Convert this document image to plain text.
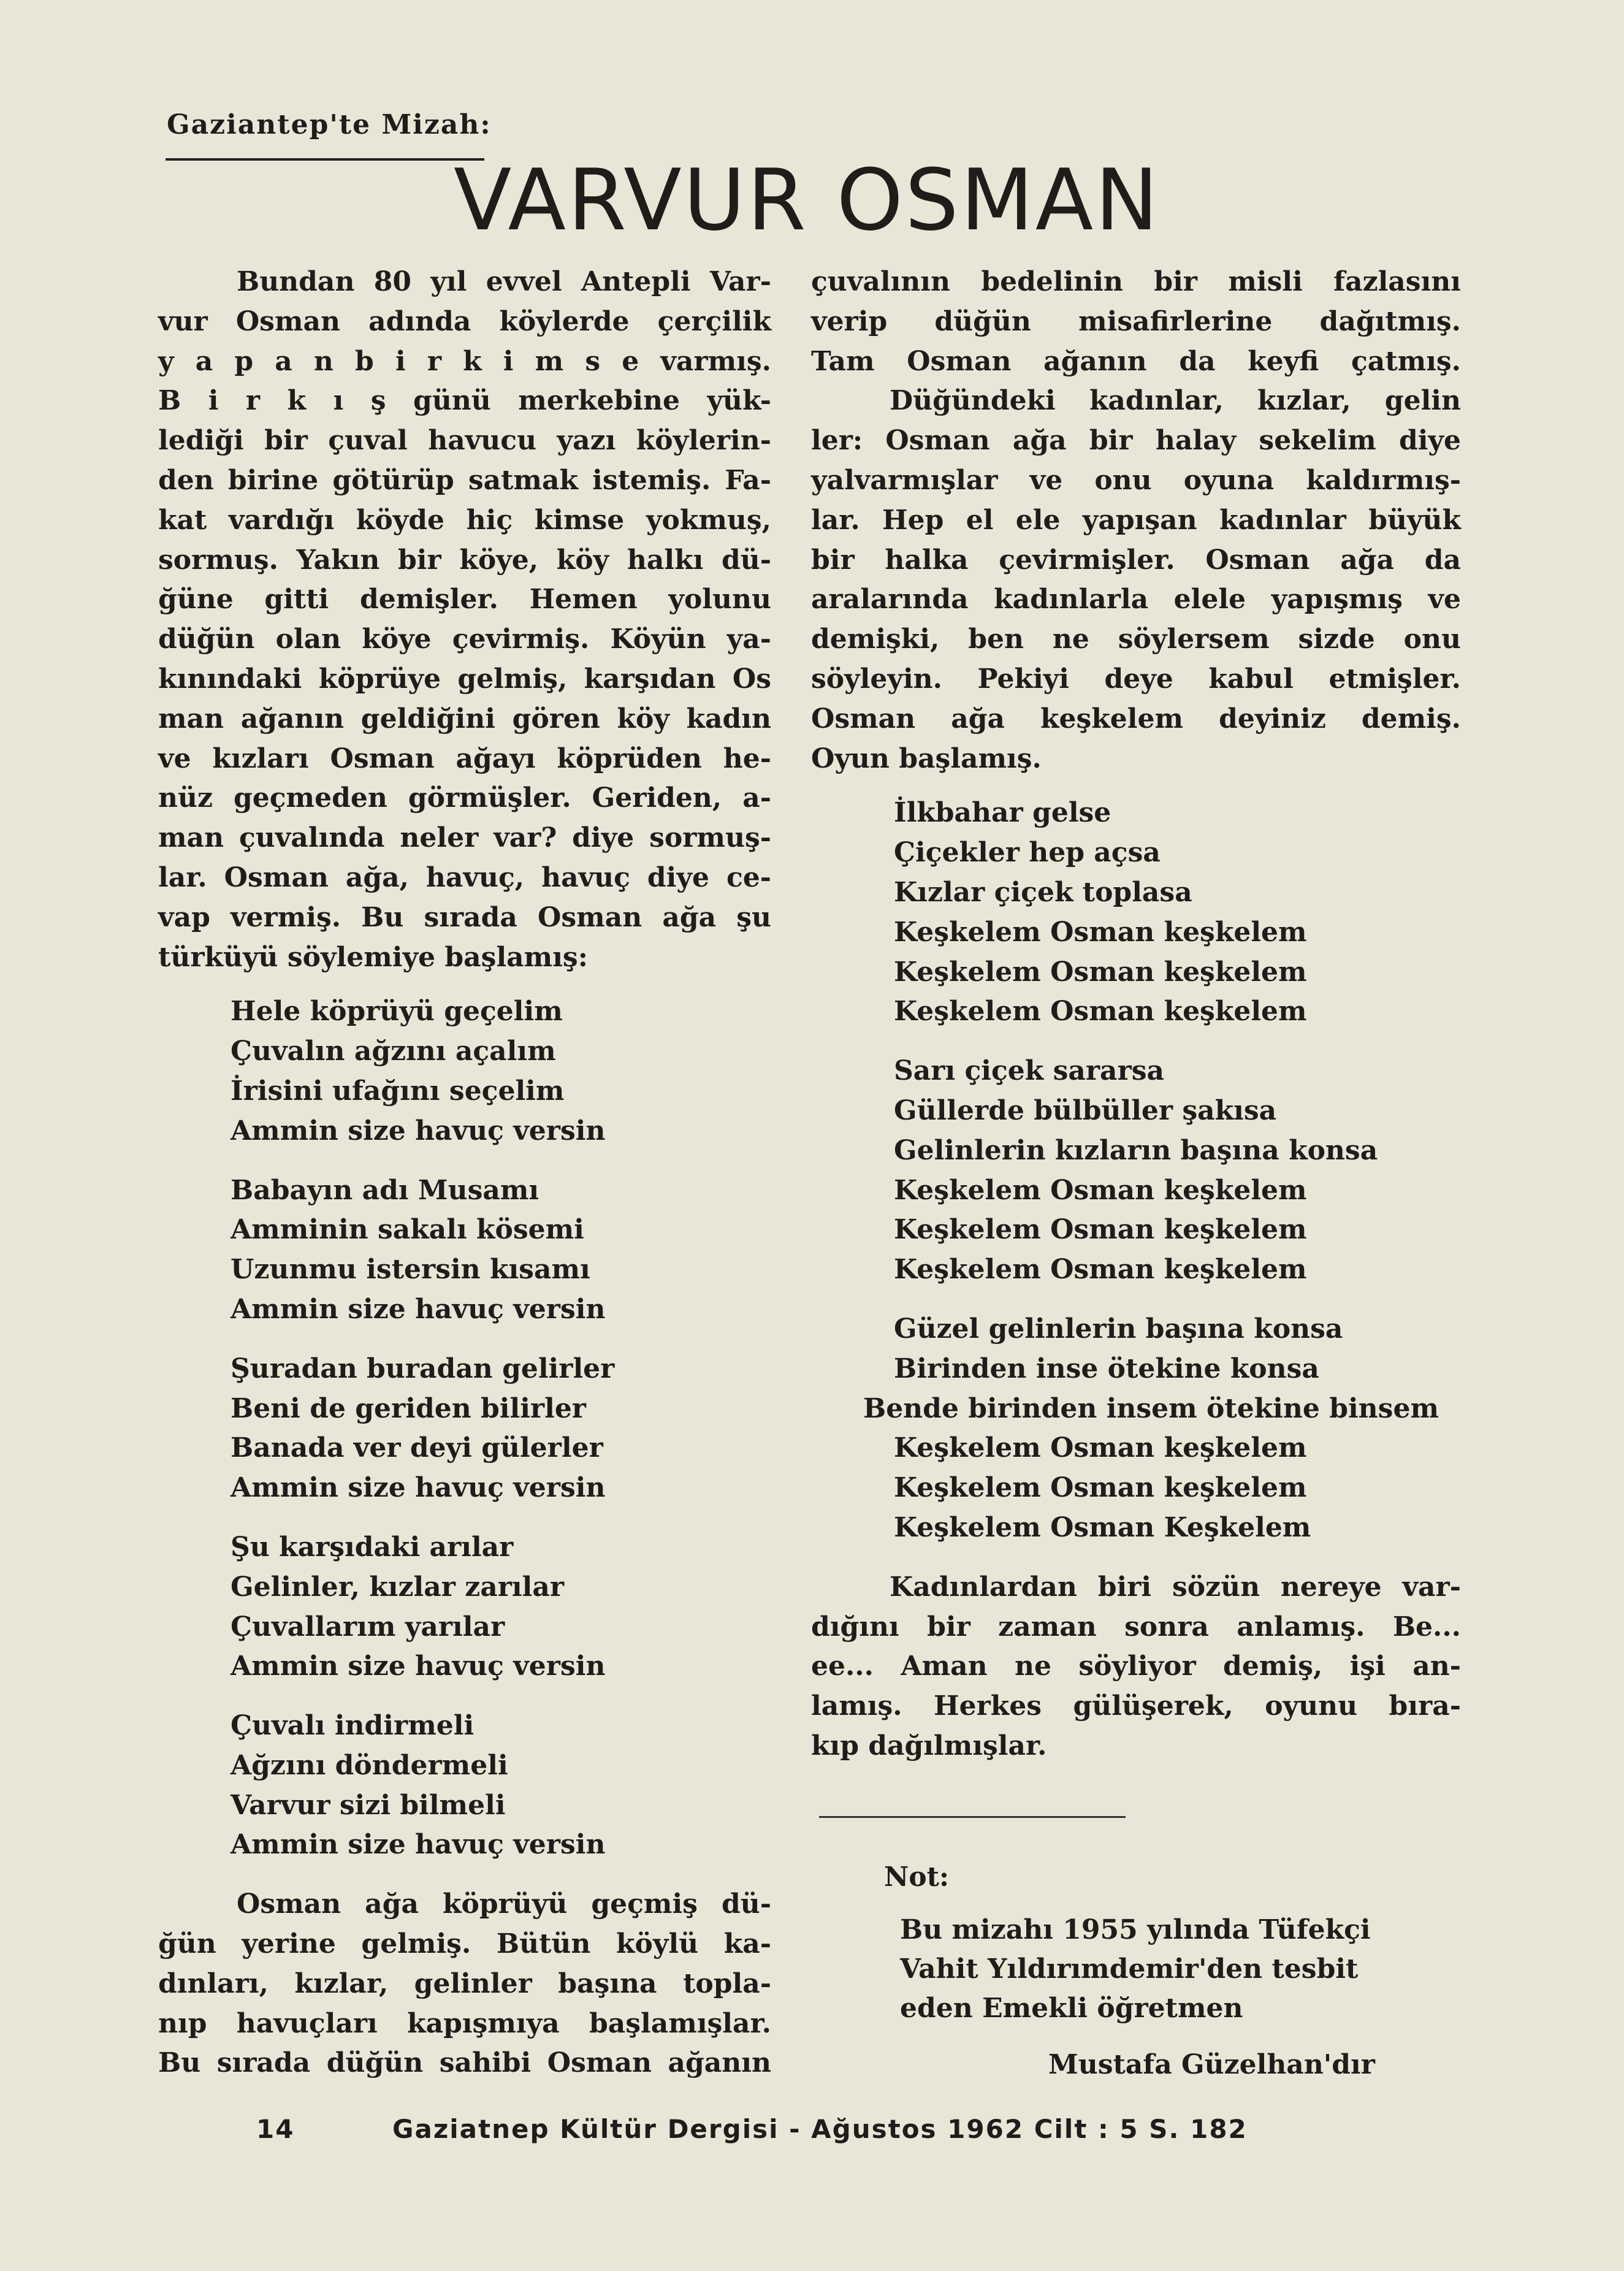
Gaziantep'te Mizah:
VARVUR OSMAN

Bundan 80 yıl evvel Antepli Var-

vur Osman adında köylerde çerçilik

y a p a n b i r k i m s e varmış.

B i r k ı ş günü merkebine yük-

lediği bir çuval havucu yazı köylerin-

den birine götürüp satmak istemiş. Fa-

kat vardığı köyde hiç kimse yokmuş,

sormuş. Yakın bir köye, köy halkı dü-

ğüne gitti demişler. Hemen yolunu

düğün olan köye çevirmiş. Köyün ya-

kınındaki köprüye gelmiş, karşıdan Os

man ağanın geldiğini gören köy kadın

ve kızları Osman ağayı köprüden he-

nüz geçmeden görmüşler. Geriden, a-

man çuvalında neler var? diye sormuş-

lar. Osman ağa, havuç, havuç diye ce-

vap vermiş. Bu sırada Osman ağa şu

türküyü söylemiye başlamış:

Hele köprüyü geçelim

Çuvalın ağzını açalım

İrisini ufağını seçelim

Ammin size havuç versin

Babayın adı Musamı

Amminin sakalı kösemi

Uzunmu istersin kısamı

Ammin size havuç versin

Şuradan buradan gelirler

Beni de geriden bilirler

Banada ver deyi gülerler

Ammin size havuç versin

Şu karşıdaki arılar

Gelinler, kızlar zarılar

Çuvallarım yarılar

Ammin size havuç versin

Çuvalı indirmeli

Ağzını döndermeli

Varvur sizi bilmeli

Ammin size havuç versin

Osman ağa köprüyü geçmiş dü-

ğün yerine gelmiş. Bütün köylü ka-

dınları, kızlar, gelinler başına topla-

nıp havuçları kapışmıya başlamışlar.

Bu sırada düğün sahibi Osman ağanın

çuvalının bedelinin bir misli fazlasını

verip düğün misafirlerine dağıtmış.

Tam Osman ağanın da keyfi çatmış.

Düğündeki kadınlar, kızlar, gelin

ler: Osman ağa bir halay sekelim diye

yalvarmışlar ve onu oyuna kaldırmış-

lar. Hep el ele yapışan kadınlar büyük

bir halka çevirmişler. Osman ağa da

aralarında kadınlarla elele yapışmış ve

demişki, ben ne söylersem sizde onu

söyleyin. Pekiyi deye kabul etmişler.

Osman ağa keşkelem deyiniz demiş.

Oyun başlamış.

İlkbahar gelse

Çiçekler hep açsa

Kızlar çiçek toplasa

Keşkelem Osman keşkelem

Keşkelem Osman keşkelem

Keşkelem Osman keşkelem

Sarı çiçek sararsa

Güllerde bülbüller şakısa

Gelinlerin kızların başına konsa

Keşkelem Osman keşkelem

Keşkelem Osman keşkelem

Keşkelem Osman keşkelem

Güzel gelinlerin başına konsa

Birinden inse ötekine konsa

Bende birinden insem ötekine binsem

Keşkelem Osman keşkelem

Keşkelem Osman keşkelem

Keşkelem Osman Keşkelem

Kadınlardan biri sözün nereye var-

dığını bir zaman sonra anlamış. Be...

ee... Aman ne söyliyor demiş, işi an-

lamış. Herkes gülüşerek, oyunu bıra-

kıp dağılmışlar.

Not:

Bu mizahı 1955 yılında Tüfekçi

Vahit Yıldırımdemir'den tesbit

eden Emekli öğretmen

Mustafa Güzelhan'dır
14	Gaziatnep Kültür Dergisi - Ağustos 1962 Cilt : 5 S. 182
